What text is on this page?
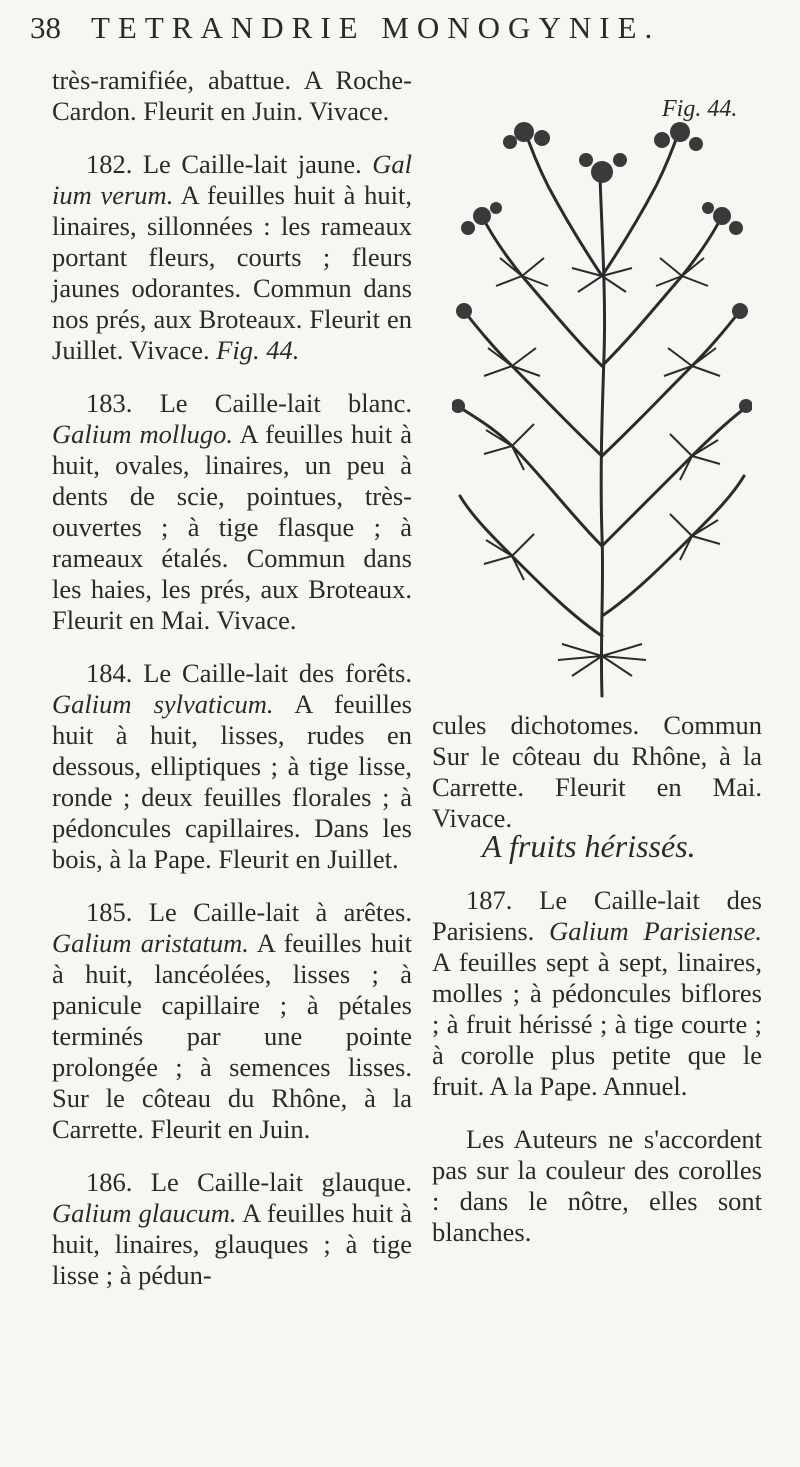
38 TETRANDRIE MONOGYNIE.

très-ramifiée, abattue. A Roche-Cardon. Fleurit en Juin. Vivace.

182. Le Caille-lait jaune. Gal ium verum. A feuilles huit à huit, linaires, sillonnées : les rameaux portant fleurs, courts ; fleurs jaunes odorantes. Commun dans nos prés, aux Broteaux. Fleurit en Juillet. Vivace. Fig. 44.

183. Le Caille-lait blanc. Galium mollugo. A feuilles huit à huit, ovales, linaires, un peu à dents de scie, pointues, très-ouvertes ; à tige flasque ; à rameaux étalés. Commun dans les haies, les prés, aux Broteaux. Fleurit en Mai. Vivace.

184. Le Caille-lait des forêts. Galium sylvaticum. A feuilles huit à huit, lisses, rudes en dessous, elliptiques ; à tige lisse, ronde ; deux feuilles florales ; à pédoncules capillaires. Dans les bois, à la Pape. Fleurit en Juillet.

185. Le Caille-lait à arêtes. Galium aristatum. A feuilles huit à huit, lancéolées, lisses ; à panicule capillaire ; à pétales terminés par une pointe prolongée ; à semences lisses. Sur le côteau du Rhône, à la Carrette. Fleurit en Juin.

186. Le Caille-lait glauque. Galium glaucum. A feuilles huit à huit, linaires, glauques ; à tige lisse ; à pédun-

Fig. 44.

cules dichotomes. Commun Sur le côteau du Rhône, à la Carrette. Fleurit en Mai. Vivace.

A fruits hérissés.

187. Le Caille-lait des Parisiens. Galium Parisiense. A feuilles sept à sept, linaires, molles ; à pédoncules biflores ; à fruit hérissé ; à tige courte ; à corolle plus petite que le fruit. A la Pape. Annuel.

Les Auteurs ne s'accordent pas sur la couleur des corolles : dans le nôtre, elles sont blanches.
